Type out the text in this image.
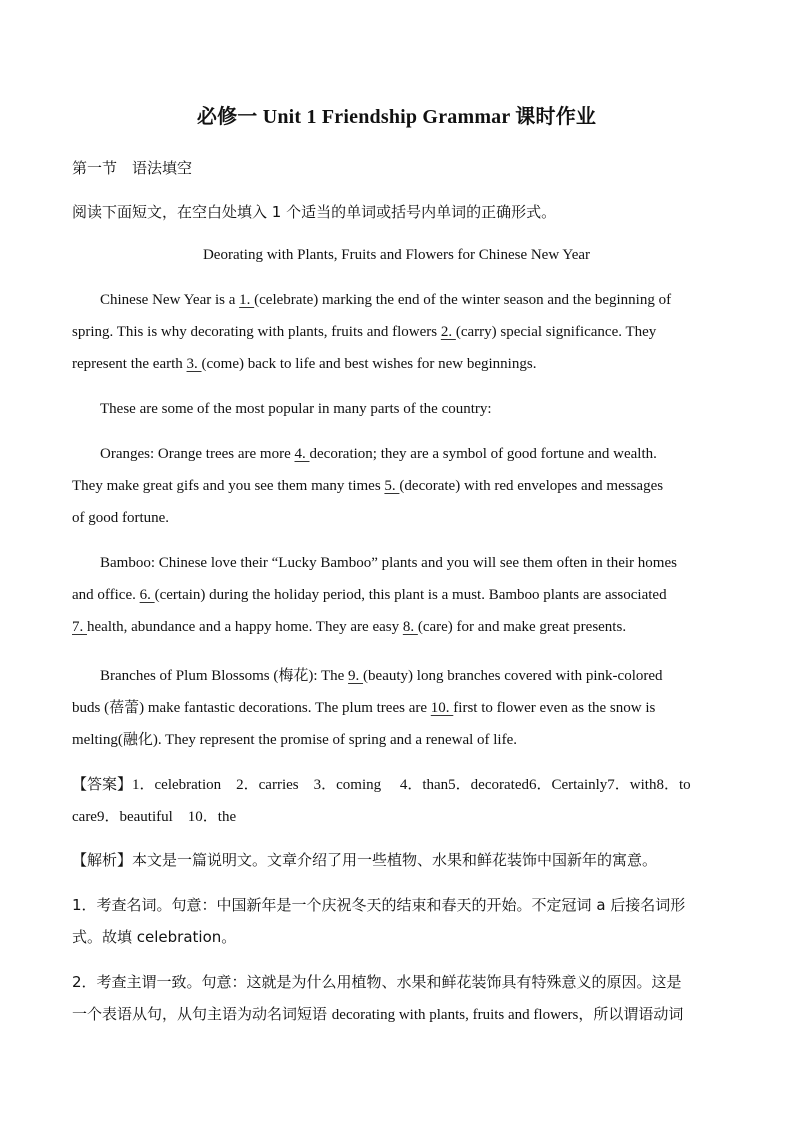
必修一 Unit 1 Friendship Grammar 课时作业
第一节　语法填空
阅读下面短文，在空白处填入 1 个适当的单词或括号内单词的正确形式。
Deorating with Plants, Fruits and Flowers for Chinese New Year
Chinese New Year is a 1. (celebrate) marking the end of the winter season and the beginning of
spring. This is why decorating with plants, fruits and flowers 2. (carry) special significance. They
represent the earth 3. (come) back to life and best wishes for new beginnings.
These are some of the most popular in many parts of the country:
Oranges: Orange trees are more 4. decoration; they are a symbol of good fortune and wealth.
They make great gifs and you see them many times 5. (decorate) with red envelopes and messages
of good fortune.
Bamboo: Chinese love their “Lucky Bamboo” plants and you will see them often in their homes
and office. 6. (certain) during the holiday period, this plant is a must. Bamboo plants are associated
7. health, abundance and a happy home. They are easy 8. (care) for and make great presents.
Branches of Plum Blossoms (梅花): The 9. (beauty) long branches covered with pink-colored
buds (蓓蕾) make fantastic decorations. The plum trees are 10. first to flower even as the snow is
melting(融化). They represent the promise of spring and a renewal of life.
【答案】1．celebration　2．carries　3．coming　 4．than5．decorated6．Certainly7．with8．to
care9．beautiful　10．the
【解析】本文是一篇说明文。文章介绍了用一些植物、水果和鲜花装饰中国新年的寓意。
1．考查名词。句意：中国新年是一个庆祝冬天的结束和春天的开始。不定冠词 a 后接名词形
式。故填 celebration。
2．考查主谓一致。句意：这就是为什么用植物、水果和鲜花装饰具有特殊意义的原因。这是
一个表语从句，从句主语为动名词短语 decorating with plants, fruits and flowers，所以谓语动词
